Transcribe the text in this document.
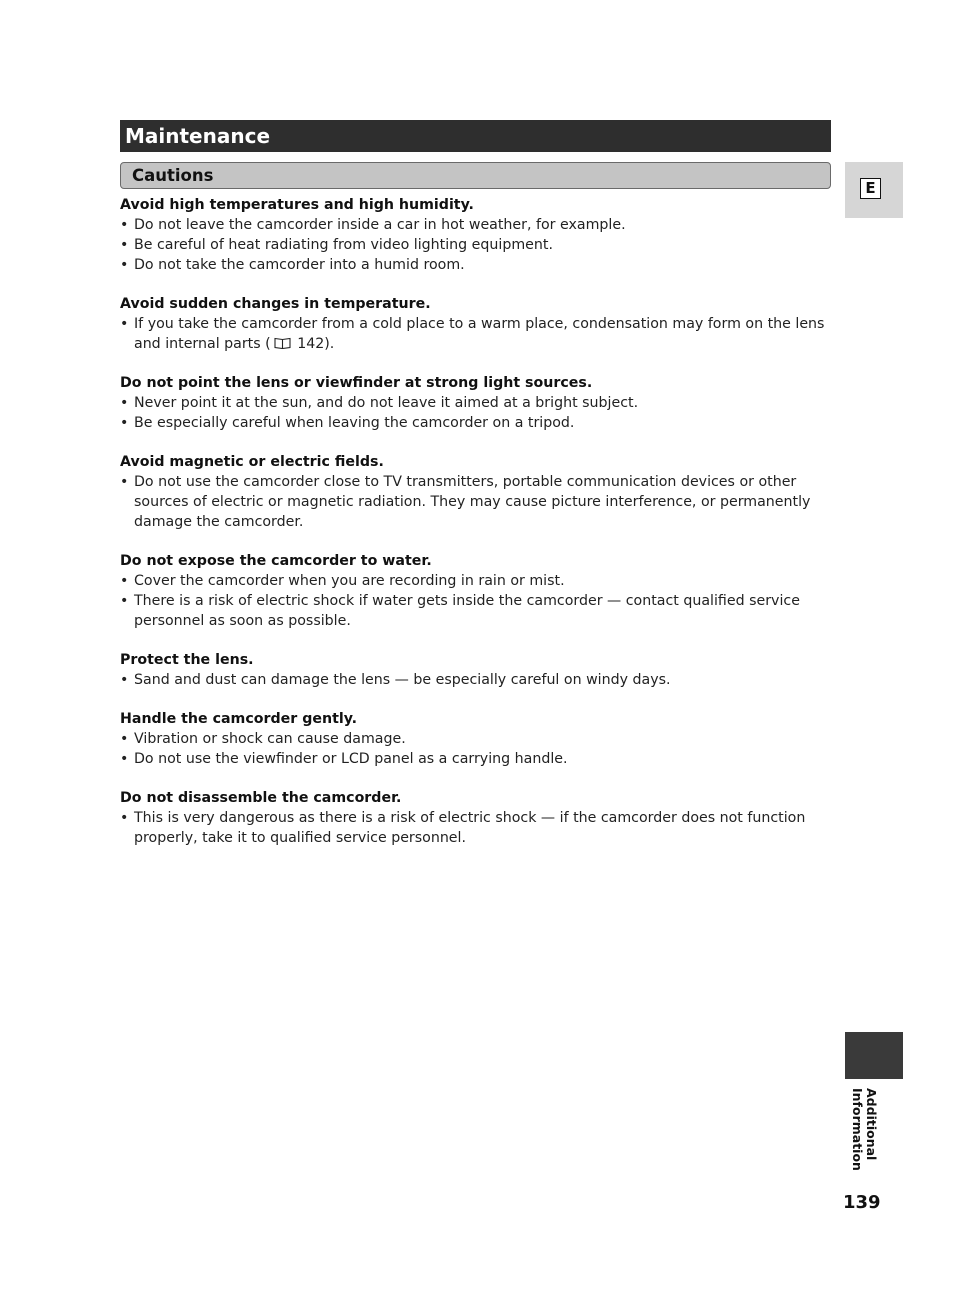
Maintenance
Cautions
E
Avoid high temperatures and high humidity.
• Do not leave the camcorder inside a car in hot weather, for example.
• Be careful of heat radiating from video lighting equipment.
• Do not take the camcorder into a humid room.
Avoid sudden changes in temperature.
• If you take the camcorder from a cold place to a warm place, condensation may form on the lens and internal parts ( 142).
Do not point the lens or viewfinder at strong light sources.
• Never point it at the sun, and do not leave it aimed at a bright subject.
• Be especially careful when leaving the camcorder on a tripod.
Avoid magnetic or electric fields.
• Do not use the camcorder close to TV transmitters, portable communication devices or other sources of electric or magnetic radiation. They may cause picture interference, or permanently damage the camcorder.
Do not expose the camcorder to water.
• Cover the camcorder when you are recording in rain or mist.
• There is a risk of electric shock if water gets inside the camcorder — contact qualified service personnel as soon as possible.
Protect the lens.
• Sand and dust can damage the lens — be especially careful on windy days.
Handle the camcorder gently.
• Vibration or shock can cause damage.
• Do not use the viewfinder or LCD panel as a carrying handle.
Do not disassemble the camcorder.
• This is very dangerous as there is a risk of electric shock — if the camcorder does not function properly, take it to qualified service personnel.
Additional
Information
139
